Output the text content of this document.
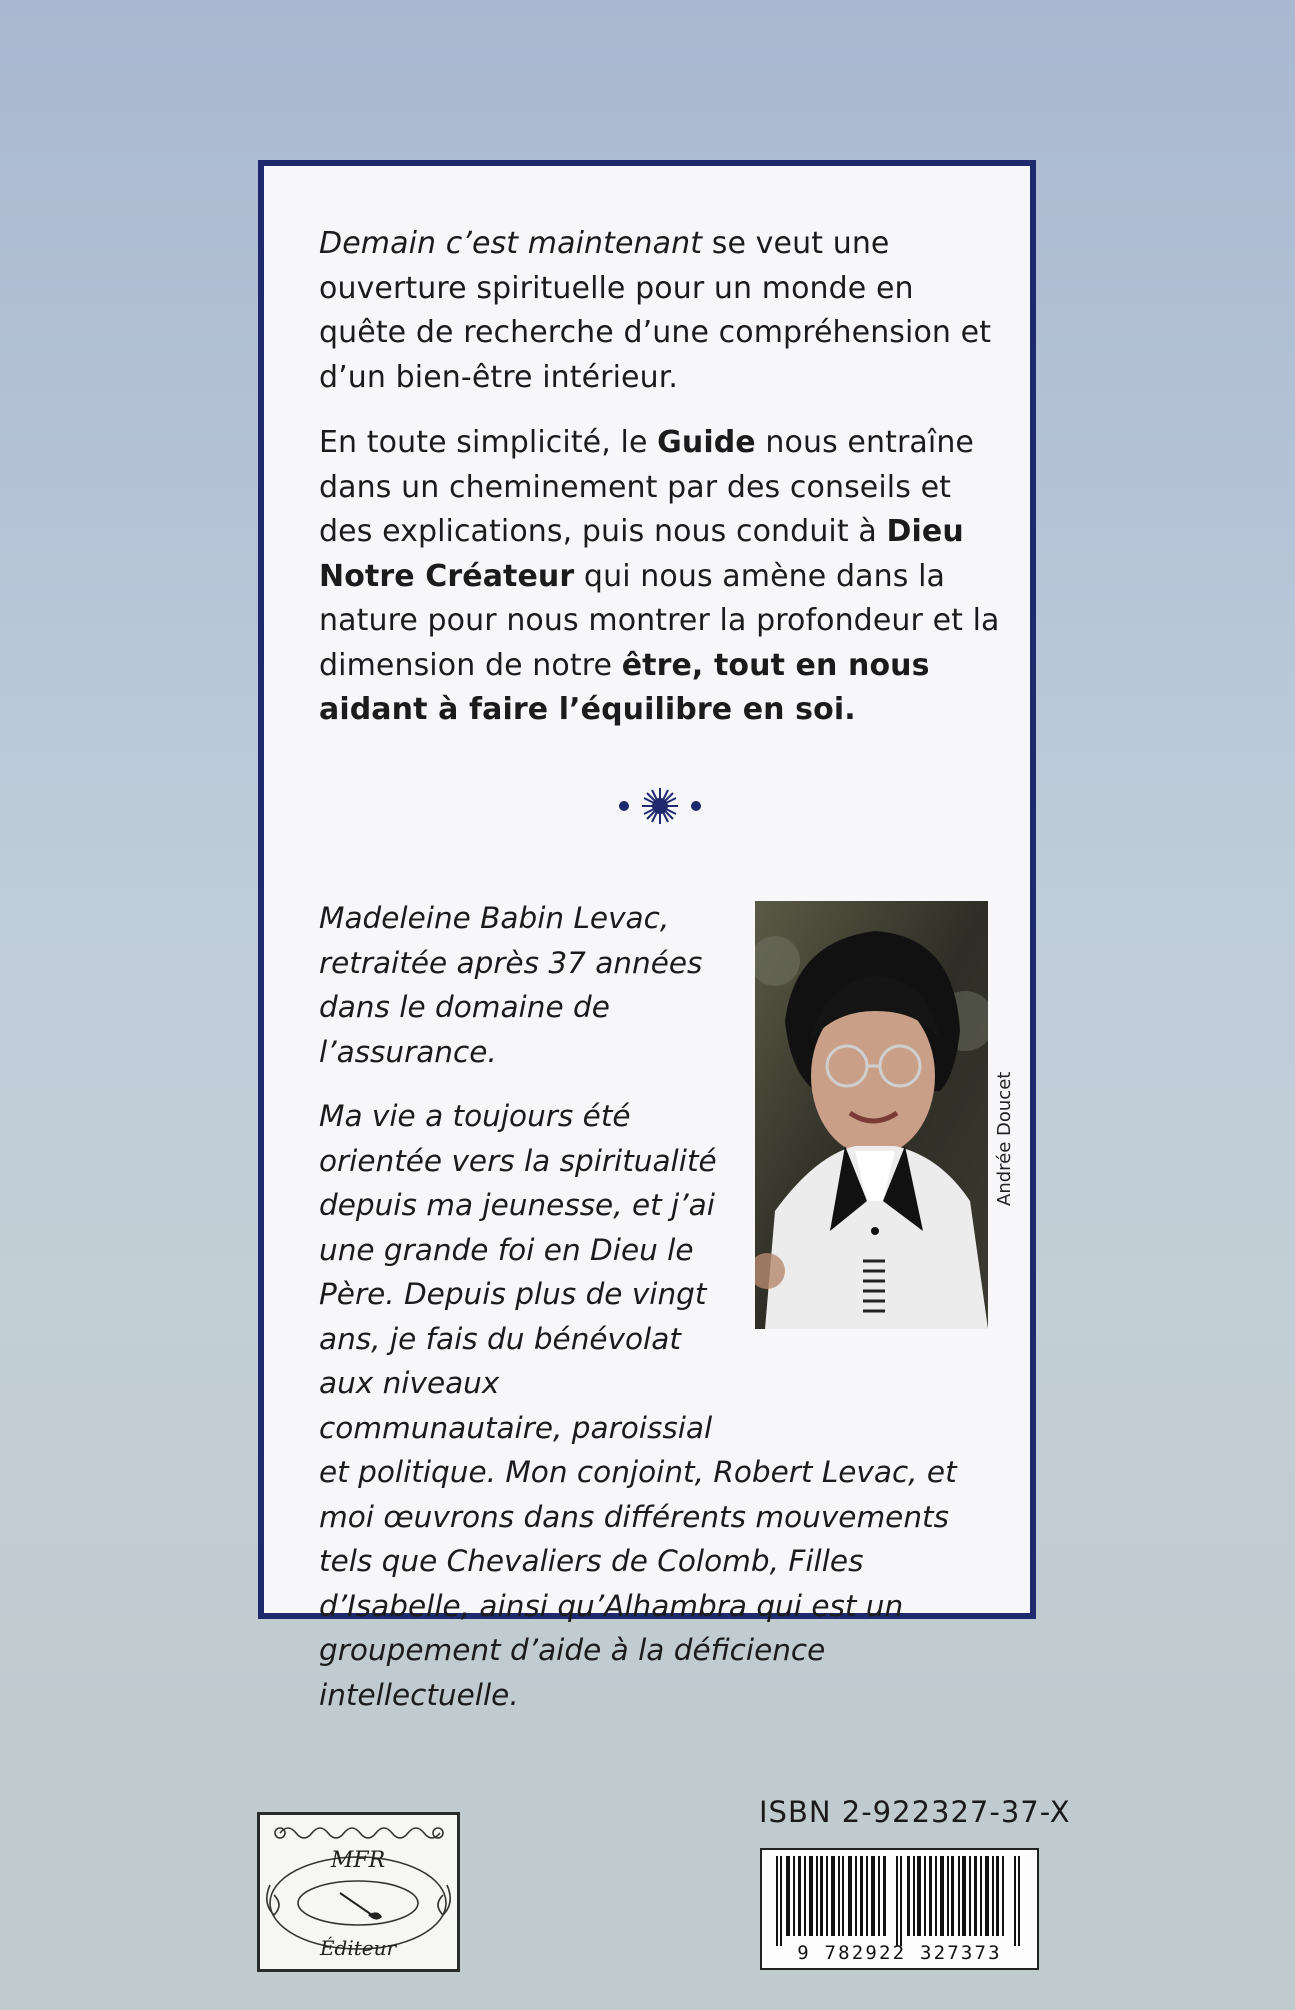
Demain c’est maintenant se veut une ouverture spirituelle pour un monde en quête de recherche d’une compréhension et d’un bien-être intérieur.
En toute simplicité, le Guide nous entraîne dans un cheminement par des conseils et des explications, puis nous conduit à Dieu Notre Créateur qui nous amène dans la nature pour nous montrer la profondeur et la dimension de notre être, tout en nous aidant à faire l’équilibre en soi.

Madeleine Babin Levac, retraitée après 37 années dans le domaine de l’assurance.

Ma vie a toujours été orientée vers la spiritualité depuis ma jeunesse, et j’ai une grande foi en Dieu le Père. Depuis plus de vingt ans, je fais du bénévolat aux niveaux communautaire, paroissial

et politique. Mon conjoint, Robert Levac, et moi œuvrons dans différents mouvements tels que Chevaliers de Colomb, Filles d’Isabelle, ainsi qu’Alhambra qui est un groupement d’aide à la déficience intellectuelle.

Andrée Doucet
MFR
Éditeur
ISBN 2-922327-37-X
9 782922 327373
